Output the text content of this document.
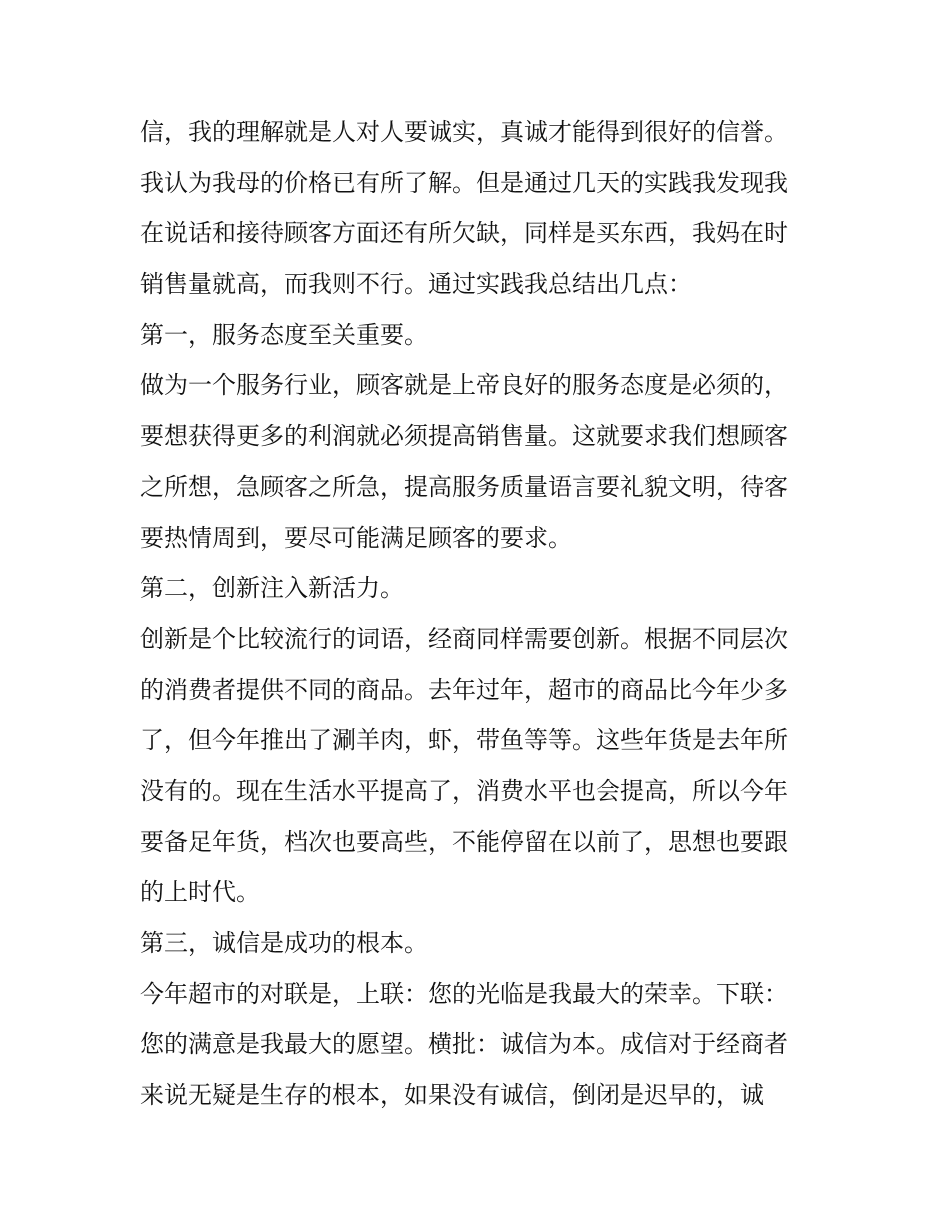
信，我的理解就是人对人要诚实，真诚才能得到很好的信誉。
我认为我母的价格已有所了解。但是通过几天的实践我发现我
在说话和接待顾客方面还有所欠缺，同样是买东西，我妈在时
销售量就高，而我则不行。通过实践我总结出几点：
第一，服务态度至关重要。
做为一个服务行业，顾客就是上帝良好的服务态度是必须的，
要想获得更多的利润就必须提高销售量。这就要求我们想顾客
之所想，急顾客之所急，提高服务质量语言要礼貌文明，待客
要热情周到，要尽可能满足顾客的要求。
第二，创新注入新活力。
创新是个比较流行的词语，经商同样需要创新。根据不同层次
的消费者提供不同的商品。去年过年，超市的商品比今年少多
了，但今年推出了涮羊肉，虾，带鱼等等。这些年货是去年所
没有的。现在生活水平提高了，消费水平也会提高，所以今年
要备足年货，档次也要高些，不能停留在以前了，思想也要跟
的上时代。
第三，诚信是成功的根本。
今年超市的对联是，上联：您的光临是我最大的荣幸。下联：
您的满意是我最大的愿望。横批：诚信为本。成信对于经商者
来说无疑是生存的根本，如果没有诚信，倒闭是迟早的，诚
